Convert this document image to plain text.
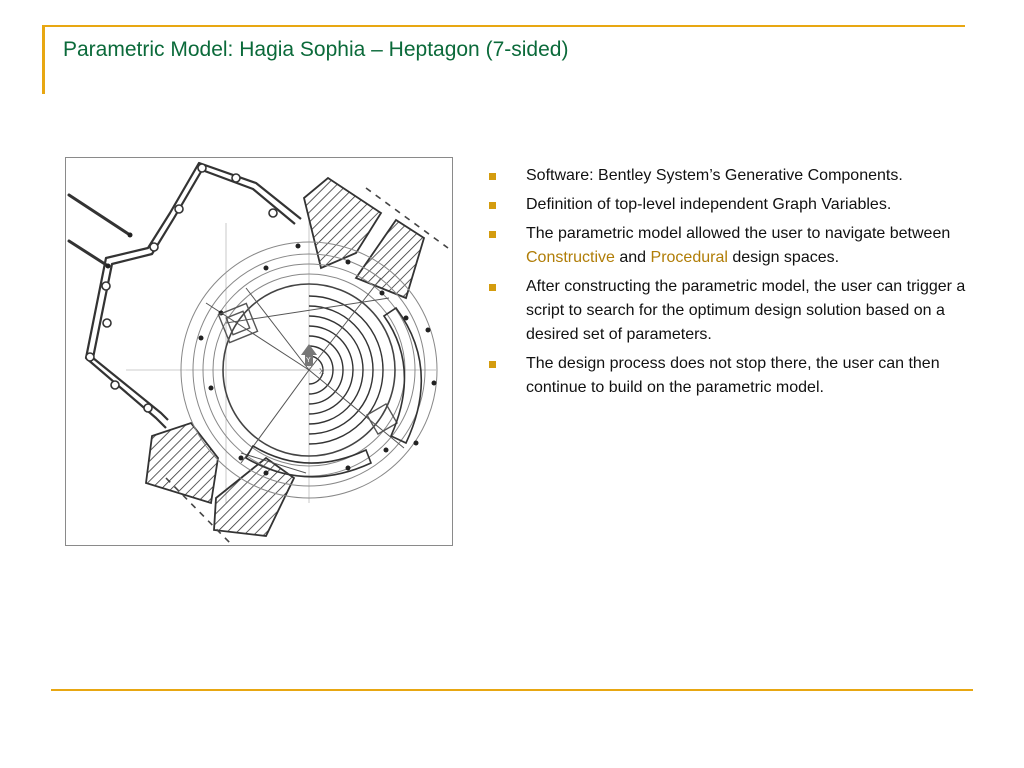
Parametric Model: Hagia Sophia – Heptagon (7-sided)
Y
X
Software: Bentley System’s Generative Components.
Definition of top-level independent Graph Variables.
The parametric model allowed the user to navigate between Constructive and Procedural design spaces.
After constructing the parametric model, the user can trigger a script to search for the optimum design solution based on a desired set of parameters.
The design process does not stop there, the user can then continue to build on the parametric model.
